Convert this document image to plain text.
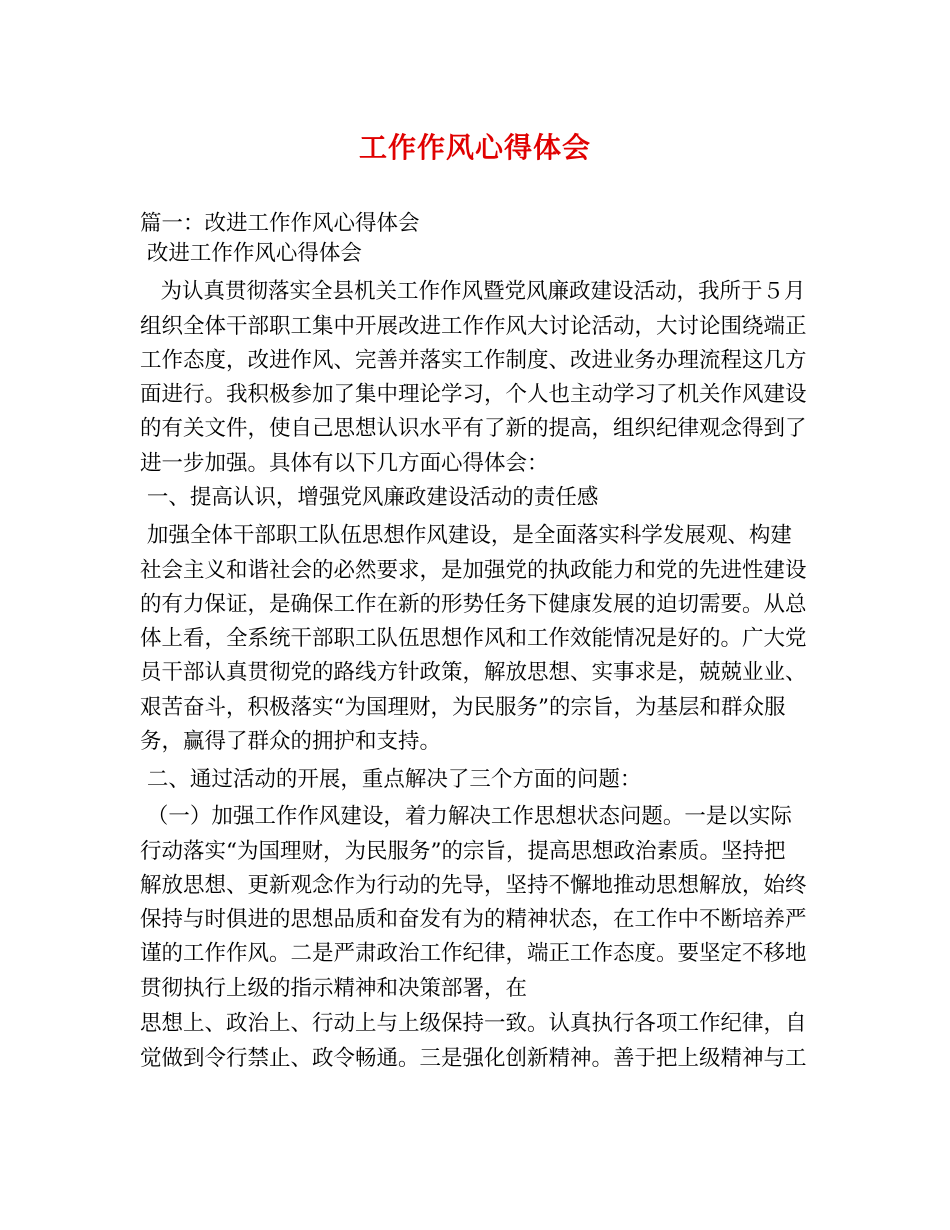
工作作风心得体会

篇一：改进工作作风心得体会

改进工作作风心得体会

为认真贯彻落实全县机关工作作风暨党风廉政建设活动，我所于５月

组织全体干部职工集中开展改进工作作风大讨论活动，大讨论围绕端正

工作态度，改进作风、完善并落实工作制度、改进业务办理流程这几方

面进行。我积极参加了集中理论学习，个人也主动学习了机关作风建设

的有关文件，使自己思想认识水平有了新的提高，组织纪律观念得到了

进一步加强。具体有以下几方面心得体会：

一、提高认识，增强党风廉政建设活动的责任感

加强全体干部职工队伍思想作风建设，是全面落实科学发展观、构建

社会主义和谐社会的必然要求，是加强党的执政能力和党的先进性建设

的有力保证，是确保工作在新的形势任务下健康发展的迫切需要。从总

体上看，全系统干部职工队伍思想作风和工作效能情况是好的。广大党

员干部认真贯彻党的路线方针政策，解放思想、实事求是，兢兢业业、

艰苦奋斗，积极落实“为国理财，为民服务”的宗旨，为基层和群众服

务，赢得了群众的拥护和支持。

二、通过活动的开展，重点解决了三个方面的问题：

（一）加强工作作风建设，着力解决工作思想状态问题。一是以实际

行动落实“为国理财，为民服务”的宗旨，提高思想政治素质。坚持把

解放思想、更新观念作为行动的先导，坚持不懈地推动思想解放，始终

保持与时俱进的思想品质和奋发有为的精神状态，在工作中不断培养严

谨的工作作风。二是严肃政治工作纪律，端正工作态度。要坚定不移地

贯彻执行上级的指示精神和决策部署，在

思想上、政治上、行动上与上级保持一致。认真执行各项工作纪律，自

觉做到令行禁止、政令畅通。三是强化创新精神。善于把上级精神与工
